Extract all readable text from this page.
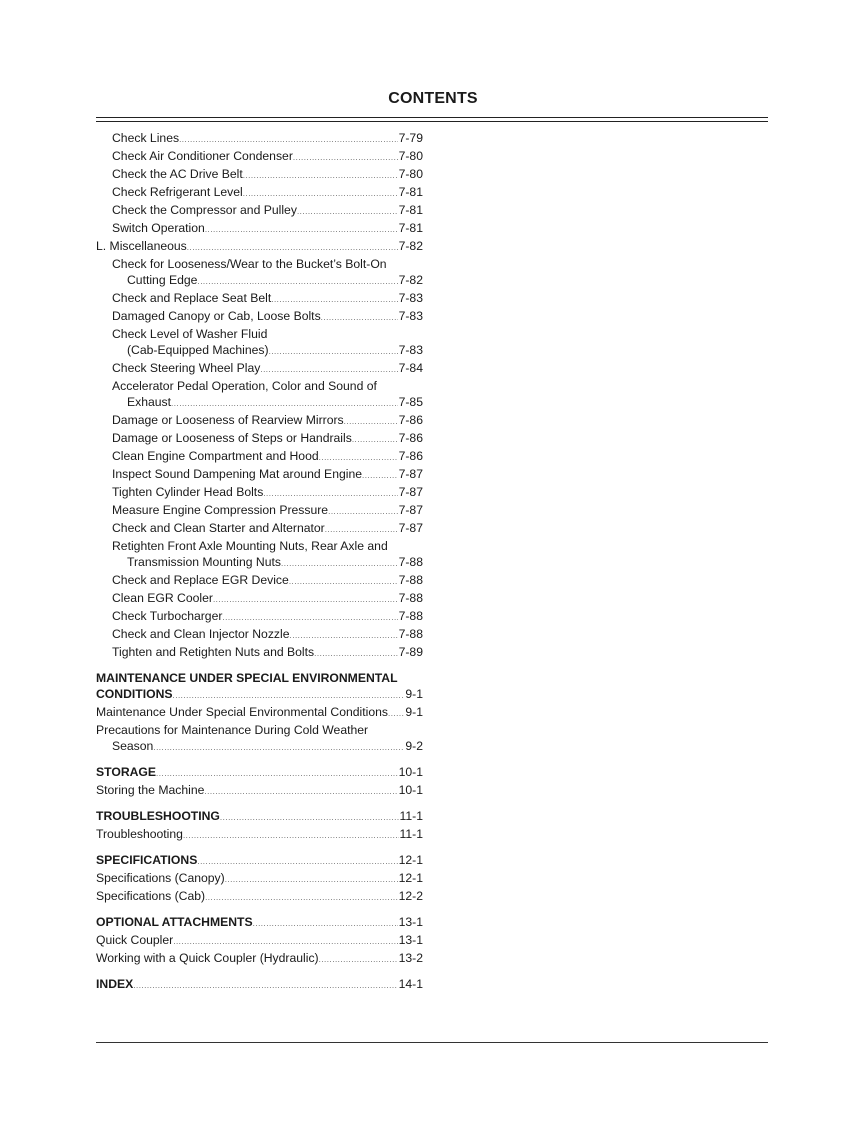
CONTENTS
Check Lines .....	7-79
Check Air Conditioner Condenser .....	7-80
Check the AC Drive Belt .....	7-80
Check Refrigerant Level .....	7-81
Check the Compressor and Pulley .....	7-81
Switch Operation .....	7-81
L. Miscellaneous .....	7-82
Check for Looseness/Wear to the Bucket’s Bolt-On
Cutting Edge .....	7-82
Check and Replace Seat Belt .....	7-83
Damaged Canopy or Cab, Loose Bolts .....	7-83
Check Level of Washer Fluid
(Cab-Equipped Machines) .....	7-83
Check Steering Wheel Play .....	7-84
Accelerator Pedal Operation, Color and Sound of
Exhaust .....	7-85
Damage or Looseness of Rearview Mirrors .....	7-86
Damage or Looseness of Steps or Handrails .....	7-86
Clean Engine Compartment and Hood .....	7-86
Inspect Sound Dampening Mat around Engine .....	7-87
Tighten Cylinder Head Bolts .....	7-87
Measure Engine Compression Pressure .....	7-87
Check and Clean Starter and Alternator .....	7-87
Retighten Front Axle Mounting Nuts, Rear Axle and
Transmission Mounting Nuts .....	7-88
Check and Replace EGR Device .....	7-88
Clean EGR Cooler .....	7-88
Check Turbocharger .....	7-88
Check and Clean Injector Nozzle .....	7-88
Tighten and Retighten Nuts and Bolts .....	7-89
MAINTENANCE UNDER SPECIAL ENVIRONMENTAL
CONDITIONS .....	9-1
Maintenance Under Special Environmental Conditions ..... 9-1
Precautions for Maintenance During Cold Weather
Season .....	9-2
STORAGE .....	10-1
Storing the Machine .....	10-1
TROUBLESHOOTING .....	11-1
Troubleshooting .....	11-1
SPECIFICATIONS .....	12-1
Specifications (Canopy) .....	12-1
Specifications (Cab) .....	12-2
OPTIONAL ATTACHMENTS .....	13-1
Quick Coupler .....	13-1
Working with a Quick Coupler (Hydraulic) .....	13-2
INDEX .....	14-1
